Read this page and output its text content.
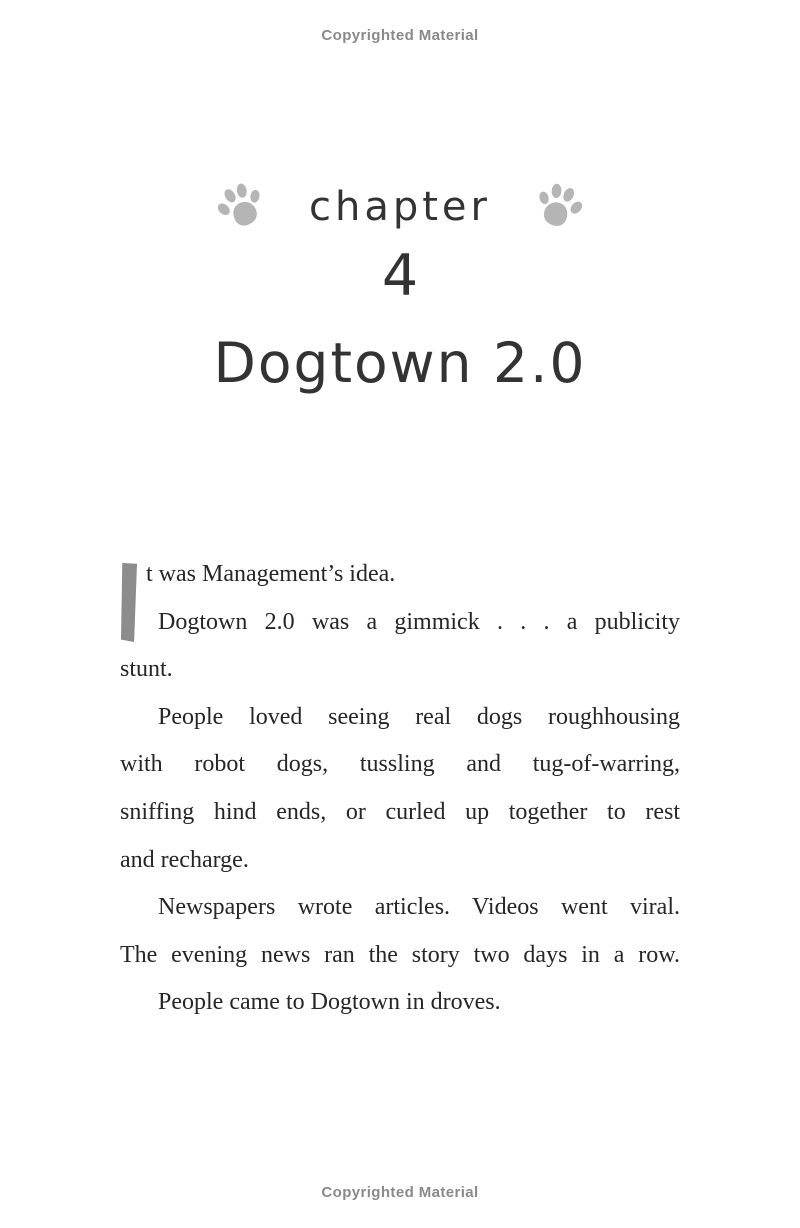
Copyrighted Material
chapter
4
Dogtown 2.0
t was Management’s idea.
Dogtown 2.0 was a gimmick . . . a publicity
stunt.
People loved seeing real dogs roughhousing
with robot dogs, tussling and tug-of-warring,
sniffing hind ends, or curled up together to rest
and recharge.
Newspapers wrote articles. Videos went viral.
The evening news ran the story two days in a row.
People came to Dogtown in droves.
Copyrighted Material
